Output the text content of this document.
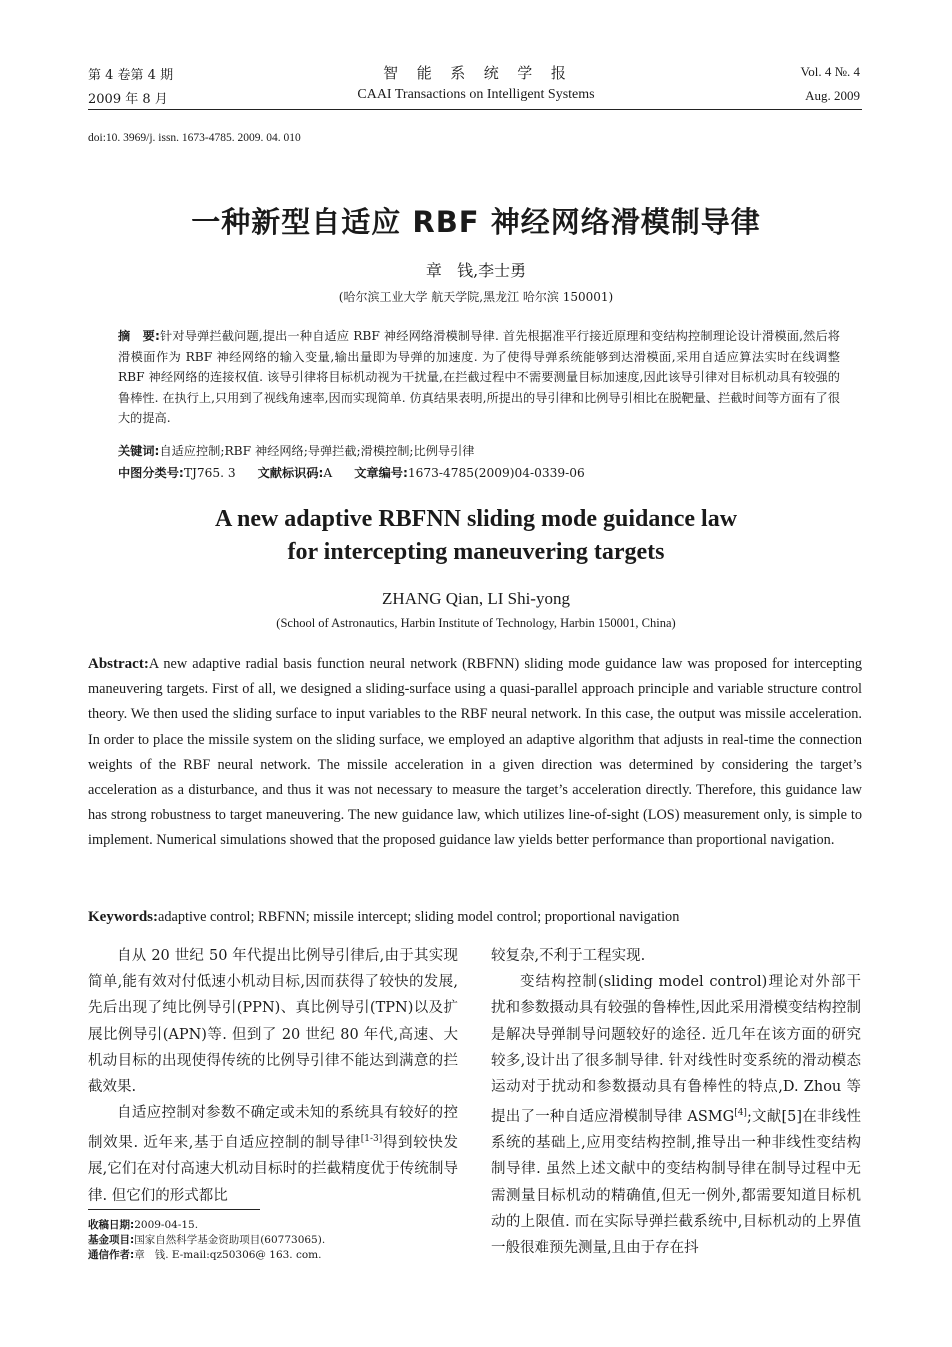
第 4 卷第 4 期
2009 年 8 月
智  能  系  统  学  报
CAAI Transactions on Intelligent Systems
Vol. 4 №. 4
Aug. 2009
doi:10. 3969/j. issn. 1673-4785. 2009. 04. 010
一种新型自适应 RBF 神经网络滑模制导律
章   钱,李士勇
(哈尔滨工业大学 航天学院,黑龙江 哈尔滨 150001)
摘　要:针对导弹拦截问题,提出一种自适应 RBF 神经网络滑模制导律. 首先根据准平行接近原理和变结构控制理论设计滑模面,然后将滑模面作为 RBF 神经网络的输入变量,输出量即为导弹的加速度. 为了使得导弹系统能够到达滑模面,采用自适应算法实时在线调整 RBF 神经网络的连接权值. 该导引律将目标机动视为干扰量,在拦截过程中不需要测量目标加速度,因此该导引律对目标机动具有较强的鲁棒性. 在执行上,只用到了视线角速率,因而实现简单. 仿真结果表明,所提出的导引律和比例导引相比在脱靶量、拦截时间等方面有了很大的提高.
关键词:自适应控制;RBF 神经网络;导弹拦截;滑模控制;比例导引律
中图分类号:TJ765. 3 文献标识码:A 文章编号:1673-4785(2009)04-0339-06
A new adaptive RBFNN sliding mode guidance law
for intercepting maneuvering targets
ZHANG Qian, LI Shi-yong
(School of Astronautics, Harbin Institute of Technology, Harbin 150001, China)
Abstract:A new adaptive radial basis function neural network (RBFNN) sliding mode guidance law was proposed for intercepting maneuvering targets. First of all, we designed a sliding-surface using a quasi-parallel approach principle and variable structure control theory. We then used the sliding surface to input variables to the RBF neural network. In this case, the output was missile acceleration. In order to place the missile system on the sliding surface, we employed an adaptive algorithm that adjusts in real-time the connection weights of the RBF neural network. The missile acceleration in a given direction was determined by considering the target’s acceleration as a disturbance, and thus it was not necessary to measure the target’s acceleration directly. Therefore, this guidance law has strong robustness to target maneuvering. The new guidance law, which utilizes line-of-sight (LOS) measurement only, is simple to implement. Numerical simulations showed that the proposed guidance law yields better performance than proportional navigation.
Keywords:adaptive control; RBFNN; missile intercept; sliding model control; proportional navigation

自从 20 世纪 50 年代提出比例导引律后,由于其实现简单,能有效对付低速小机动目标,因而获得了较快的发展,先后出现了纯比例导引(PPN)、真比例导引(TPN)以及扩展比例导引(APN)等. 但到了 20 世纪 80 年代,高速、大机动目标的出现使得传统的比例导引律不能达到满意的拦截效果.

自适应控制对参数不确定或未知的系统具有较好的控制效果. 近年来,基于自适应控制的制导律[1-3]得到较快发展,它们在对付高速大机动目标时的拦截精度优于传统制导律. 但它们的形式都比

收稿日期:2009-04-15.
基金项目:国家自然科学基金资助项目(60773065).
通信作者:章   钱. E-mail:qz50306@ 163. com.

较复杂,不利于工程实现.

变结构控制(sliding model control)理论对外部干扰和参数摄动具有较强的鲁棒性,因此采用滑模变结构控制是解决导弹制导问题较好的途径. 近几年在该方面的研究较多,设计出了很多制导律. 针对线性时变系统的滑动模态运动对于扰动和参数摄动具有鲁棒性的特点,D. Zhou 等提出了一种自适应滑模制导律 ASMG[4];文献[5]在非线性系统的基础上,应用变结构控制,推导出一种非线性变结构制导律. 虽然上述文献中的变结构制导律在制导过程中无需测量目标机动的精确值,但无一例外,都需要知道目标机动的上限值. 而在实际导弹拦截系统中,目标机动的上界值一般很难预先测量,且由于存在抖
